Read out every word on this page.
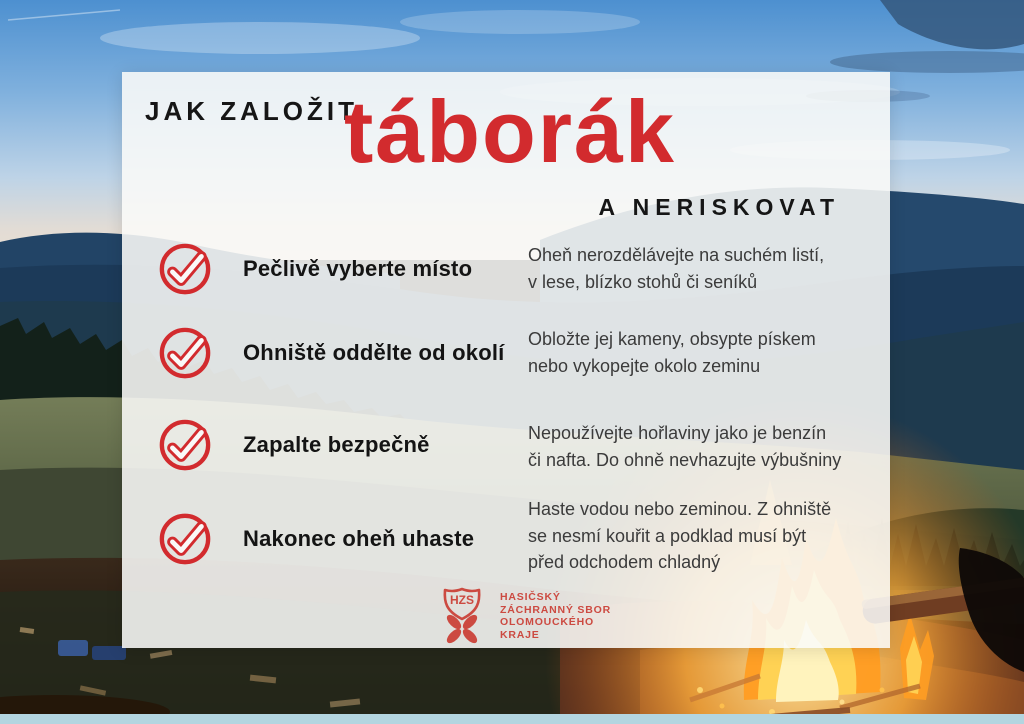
JAK ZALOŽIT
táborák
A NERISKOVAT
Pečlivě vyberte místo
Oheň nerozdělávejte na suchém listí,
v lese, blízko stohů či seníků
Ohniště oddělte od okolí
Obložte jej kameny, obsypte pískem
nebo vykopejte okolo zeminu
Zapalte bezpečně	Nepoužívejte hořlaviny jako je benzín
či nafta. Do ohně nevhazujte výbušniny
Nakonec oheň uhaste
Haste vodou nebo zeminou. Z ohniště
se nesmí kouřit a podklad musí být
před odchodem chladný
HZS HASIČSKÝ
ZÁCHRANNÝ SBOR
OLOMOUCKÉHO
KRAJE
